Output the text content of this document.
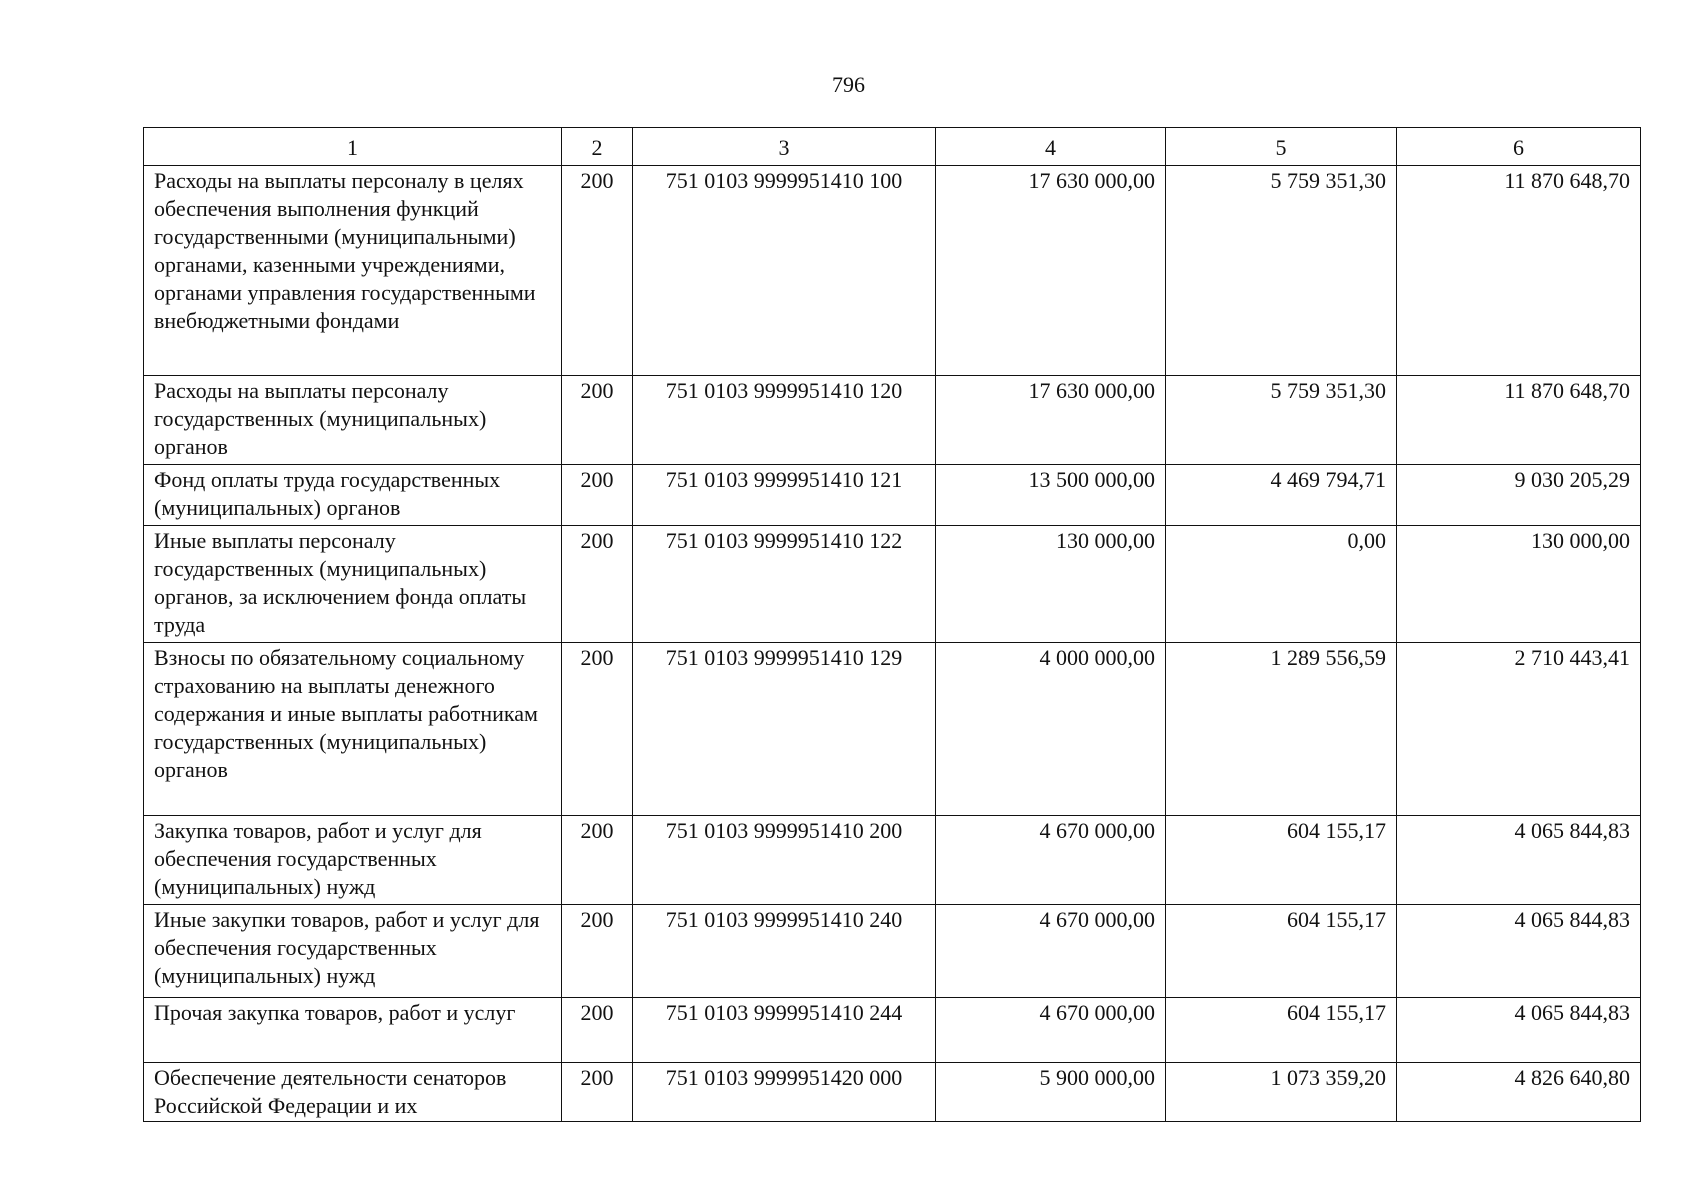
796
1	2	3	4	5	6
Расходы на выплаты персоналу в целях обеспечения выполнения функций государственными (муниципальными) органами, казенными учреждениями, органами управления государственными внебюджетными фондами	200	751 0103 9999951410 100	17 630 000,00	5 759 351,30	11 870 648,70
Расходы на выплаты персоналу государственных (муниципальных) органов	200	751 0103 9999951410 120	17 630 000,00	5 759 351,30	11 870 648,70
Фонд оплаты труда государственных (муниципальных) органов	200	751 0103 9999951410 121	13 500 000,00	4 469 794,71	9 030 205,29
Иные выплаты персоналу государственных (муниципальных) органов, за исключением фонда оплаты труда	200	751 0103 9999951410 122	130 000,00	0,00	130 000,00
Взносы по обязательному социальному страхованию на выплаты денежного содержания и иные выплаты работникам государственных (муниципальных) органов	200	751 0103 9999951410 129	4 000 000,00	1 289 556,59	2 710 443,41
Закупка товаров, работ и услуг для обеспечения государственных (муниципальных) нужд	200	751 0103 9999951410 200	4 670 000,00	604 155,17	4 065 844,83
Иные закупки товаров, работ и услуг для обеспечения государственных (муниципальных) нужд	200	751 0103 9999951410 240	4 670 000,00	604 155,17	4 065 844,83
Прочая закупка товаров, работ и услуг	200	751 0103 9999951410 244	4 670 000,00	604 155,17	4 065 844,83
Обеспечение деятельности сенаторов Российской Федерации и их	200	751 0103 9999951420 000	5 900 000,00	1 073 359,20	4 826 640,80
